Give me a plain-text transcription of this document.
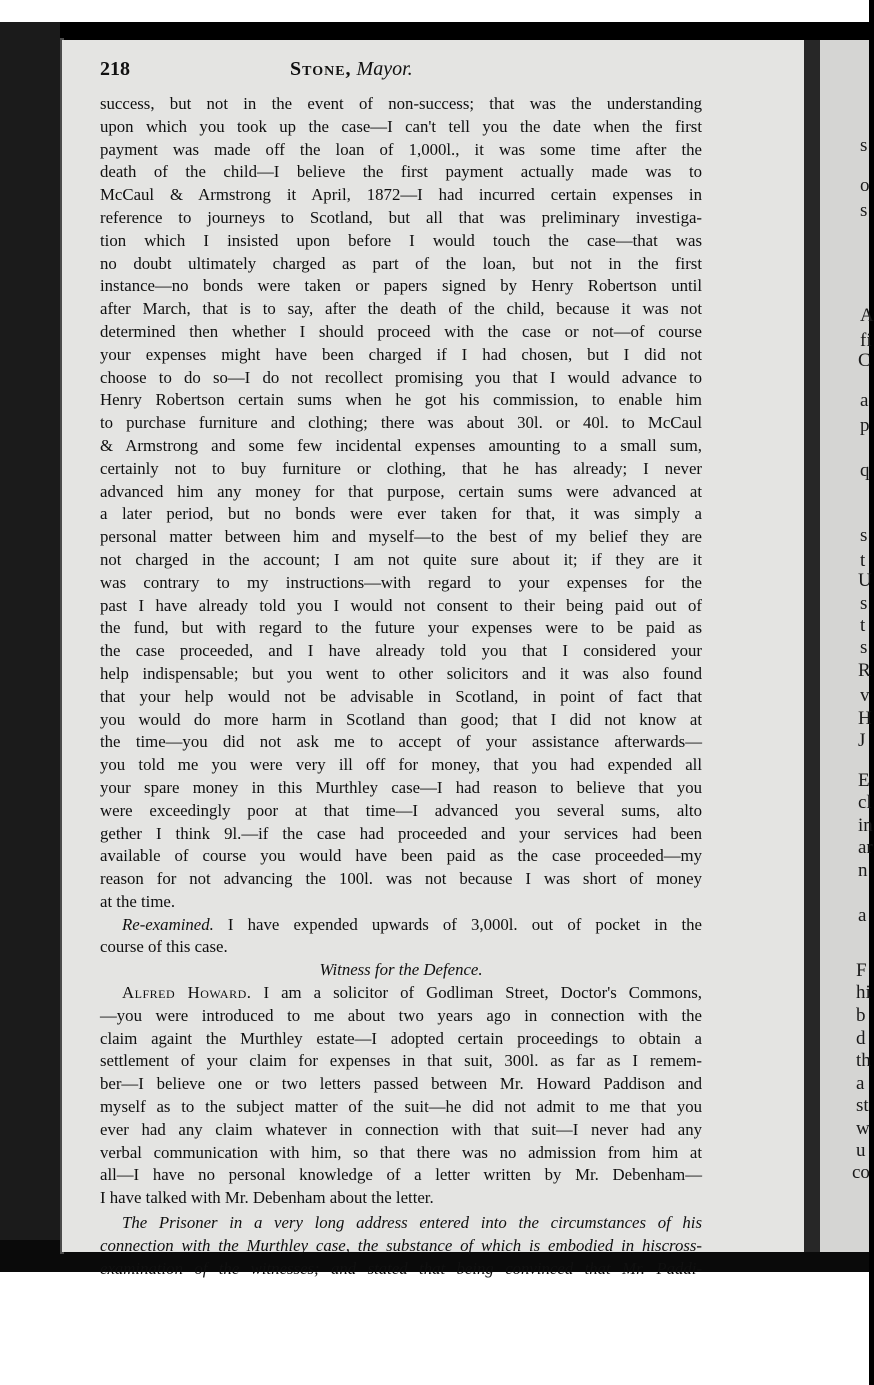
s
o
s
A
fi
C
a
p
q
s
t
U
s
t
s
R
v
H
J
E
cl
in
ar
n
a
F
hi
b
d
th
a
st
w
u
co
218	Stone, Mayor.

success, but not in the event of non-success; that was the understanding

upon which you took up the case—I can't tell you the date when the first

payment was made off the loan of 1,000l., it was some time after the

death of the child—I believe the first payment actually made was to

McCaul & Armstrong it April, 1872—I had incurred certain expenses in

reference to journeys to Scotland, but all that was preliminary investiga-

tion which I insisted upon before I would touch the case—that was

no doubt ultimately charged as part of the loan, but not in the first

instance—no bonds were taken or papers signed by Henry Robertson until

after March, that is to say, after the death of the child, because it was not

determined then whether I should proceed with the case or not—of course

your expenses might have been charged if I had chosen, but I did not

choose to do so—I do not recollect promising you that I would advance to

Henry Robertson certain sums when he got his commission, to enable him

to purchase furniture and clothing; there was about 30l. or 40l. to McCaul

& Armstrong and some few incidental expenses amounting to a small sum,

certainly not to buy furniture or clothing, that he has already; I never

advanced him any money for that purpose, certain sums were advanced at

a later period, but no bonds were ever taken for that, it was simply a

personal matter between him and myself—to the best of my belief they are

not charged in the account; I am not quite sure about it; if they are it

was contrary to my instructions—with regard to your expenses for the

past I have already told you I would not consent to their being paid out of

the fund, but with regard to the future your expenses were to be paid as

the case proceeded, and I have already told you that I considered your

help indispensable; but you went to other solicitors and it was also found

that your help would not be advisable in Scotland, in point of fact that

you would do more harm in Scotland than good; that I did not know at

the time—you did not ask me to accept of your assistance afterwards—

you told me you were very ill off for money, that you had expended all

your spare money in this Murthley case—I had reason to believe that you

were exceedingly poor at that time—I advanced you several sums, alto

gether I think 9l.—if the case had proceeded and your services had been

available of course you would have been paid as the case proceeded—my

reason for not advancing the 100l. was not because I was short of money

at the time.

Re-examined. I have expended upwards of 3,000l. out of pocket in the

course of this case.

Witness for the Defence.

Alfred Howard. I am a solicitor of Godliman Street, Doctor's Commons,

—you were introduced to me about two years ago in connection with the

claim againt the Murthley estate—I adopted certain proceedings to obtain a

settlement of your claim for expenses in that suit, 300l. as far as I remem-

ber—I believe one or two letters passed between Mr. Howard Paddison and

myself as to the subject matter of the suit—he did not admit to me that you

ever had any claim whatever in connection with that suit—I never had any

verbal communication with him, so that there was no admission from him at

all—I have no personal knowledge of a letter written by Mr. Debenham—

I have talked with Mr. Debenham about the letter.

The Prisoner in a very long address entered into the circumstances of his

connection with the Murthley case, the substance of which is embodied in hiscross-

examination of the witnesses; and stated that being convinced that Mr. Paddi-
